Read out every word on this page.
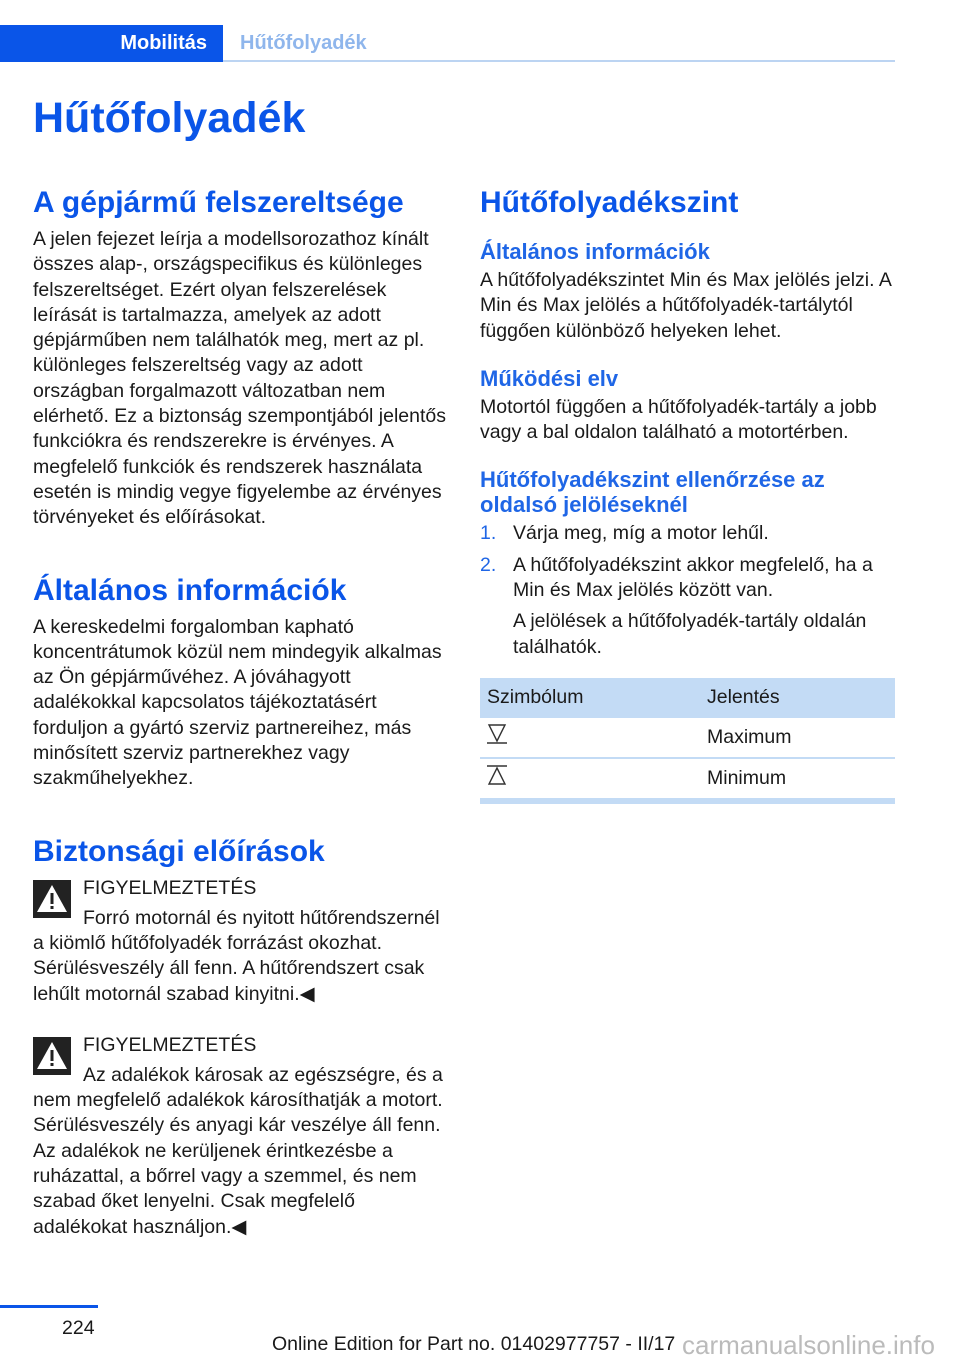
Mobilitás	Hűtőfolyadék
Hűtőfolyadék
A gépjármű felszereltsége

A jelen fejezet leírja a modellsorozathoz kínált összes alap-, országspecifikus és különleges felszereltséget. Ezért olyan felszerelések leírását is tartalmazza, amelyek az adott gépjárműben nem találhatók meg, mert az pl. különleges felszereltség vagy az adott országban forgalmazott változatban nem elérhető. Ez a biztonság szempontjából jelentős funkciókra és rendszerekre is érvényes. A megfelelő funkciók és rendszerek használata esetén is mindig vegye figyelembe az érvényes törvényeket és előírásokat.

Általános információk

A kereskedelmi forgalomban kapható koncentrátumok közül nem mindegyik alkalmas az Ön gépjárművéhez. A jóváhagyott adalékokkal kapcsolatos tájékoztatásért forduljon a gyártó szerviz partnereihez, más minősített szerviz partnerekhez vagy szakműhelyekhez.

Biztonsági előírások

FIGYELMEZTETÉS

Forró motornál és nyitott hűtőrendszernél a kiömlő hűtőfolyadék forrázást okozhat. Sérülésveszély áll fenn. A hűtőrendszert csak lehűlt motornál szabad kinyitni.◀

FIGYELMEZTETÉS

Az adalékok károsak az egészségre, és a nem megfelelő adalékok károsíthatják a motort. Sérülésveszély és anyagi kár veszélye áll fenn. Az adalékok ne kerüljenek érintkezésbe a ruházattal, a bőrrel vagy a szemmel, és nem szabad őket lenyelni. Csak megfelelő adalékokat használjon.◀

Hűtőfolyadékszint
Általános információk

A hűtőfolyadékszintet Min és Max jelölés jelzi. A Min és Max jelölés a hűtőfolyadék-tartálytól függően különböző helyeken lehet.

Működési elv

Motortól függően a hűtőfolyadék-tartály a jobb vagy a bal oldalon található a motortérben.

Hűtőfolyadékszint ellenőrzése az oldalsó jelöléseknél
1. Várja meg, míg a motor lehűl.
2. A hűtőfolyadékszint akkor megfelelő, ha a Min és Max jelölés között van.

A jelölések a hűtőfolyadék-tartály oldalán találhatók.

Szimbólum	Jelentés
	Maximum
	Minimum
224
Online Edition for Part no. 01402977757 - II/17 carmanualsonline.info
